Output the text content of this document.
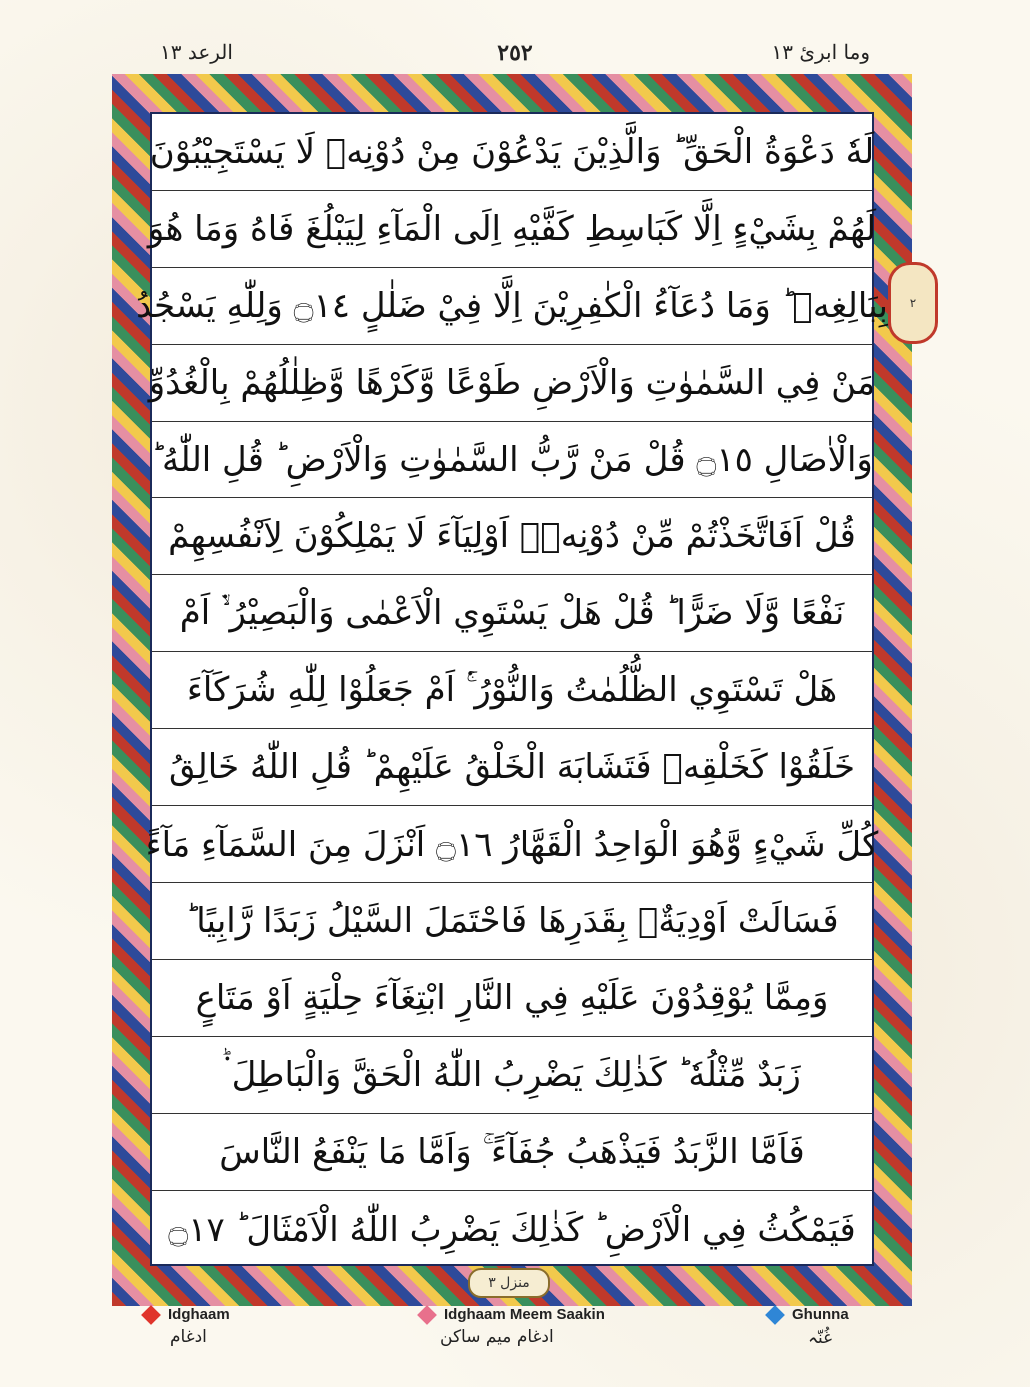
الرعد ١٣	٢٥٢	وما ابرئ ١٣
لَهٗ دَعْوَةُ الْحَقِّ ؕ وَالَّذِيْنَ يَدْعُوْنَ مِنْ دُوْنِهٖ لَا يَسْتَجِيْبُوْنَ
لَهُمْ بِشَيْءٍ اِلَّا كَبَاسِطِ كَفَّيْهِ اِلَى الْمَآءِ لِيَبْلُغَ فَاهُ وَمَا هُوَ
بِبَالِغِهٖ ؕ وَمَا دُعَآءُ الْكٰفِرِيْنَ اِلَّا فِيْ ضَلٰلٍ ۝١٤ وَلِلّٰهِ يَسْجُدُ
مَنْ فِي السَّمٰوٰتِ وَالْاَرْضِ طَوْعًا وَّكَرْهًا وَّظِلٰلُهُمْ بِالْغُدُوِّ
وَالْاٰصَالِ ۝١٥ قُلْ مَنْ رَّبُّ السَّمٰوٰتِ وَالْاَرْضِ ؕ قُلِ اللّٰهُ ؕ
قُلْ اَفَاتَّخَذْتُمْ مِّنْ دُوْنِهٖۤ اَوْلِيَآءَ لَا يَمْلِكُوْنَ لِاَنْفُسِهِمْ
نَفْعًا وَّلَا ضَرًّا ؕ قُلْ هَلْ يَسْتَوِي الْاَعْمٰى وَالْبَصِيْرُ ۙ۬ اَمْ
هَلْ تَسْتَوِي الظُّلُمٰتُ وَالنُّوْرُ ۚ۬ اَمْ جَعَلُوْا لِلّٰهِ شُرَكَآءَ
خَلَقُوْا كَخَلْقِهٖ فَتَشَابَهَ الْخَلْقُ عَلَيْهِمْ ؕ قُلِ اللّٰهُ خَالِقُ
كُلِّ شَيْءٍ وَّهُوَ الْوَاحِدُ الْقَهَّارُ ۝١٦ اَنْزَلَ مِنَ السَّمَآءِ مَآءً
فَسَالَتْ اَوْدِيَةٌۢ بِقَدَرِهَا فَاحْتَمَلَ السَّيْلُ زَبَدًا رَّابِيًا ؕ
وَمِمَّا يُوْقِدُوْنَ عَلَيْهِ فِي النَّارِ ابْتِغَآءَ حِلْيَةٍ اَوْ مَتَاعٍ
زَبَدٌ مِّثْلُهٗ ؕ كَذٰلِكَ يَضْرِبُ اللّٰهُ الْحَقَّ وَالْبَاطِلَ ۬ؕ
فَاَمَّا الزَّبَدُ فَيَذْهَبُ جُفَآءً ۚ وَاَمَّا مَا يَنْفَعُ النَّاسَ
فَيَمْكُثُ فِي الْاَرْضِ ؕ كَذٰلِكَ يَضْرِبُ اللّٰهُ الْاَمْثَالَ ؕ ۝١٧
٢
منزل ٣
Idghaam
ادغام
Idghaam Meem Saakin
ادغام میم ساکن
Ghunna
غُنّہ
